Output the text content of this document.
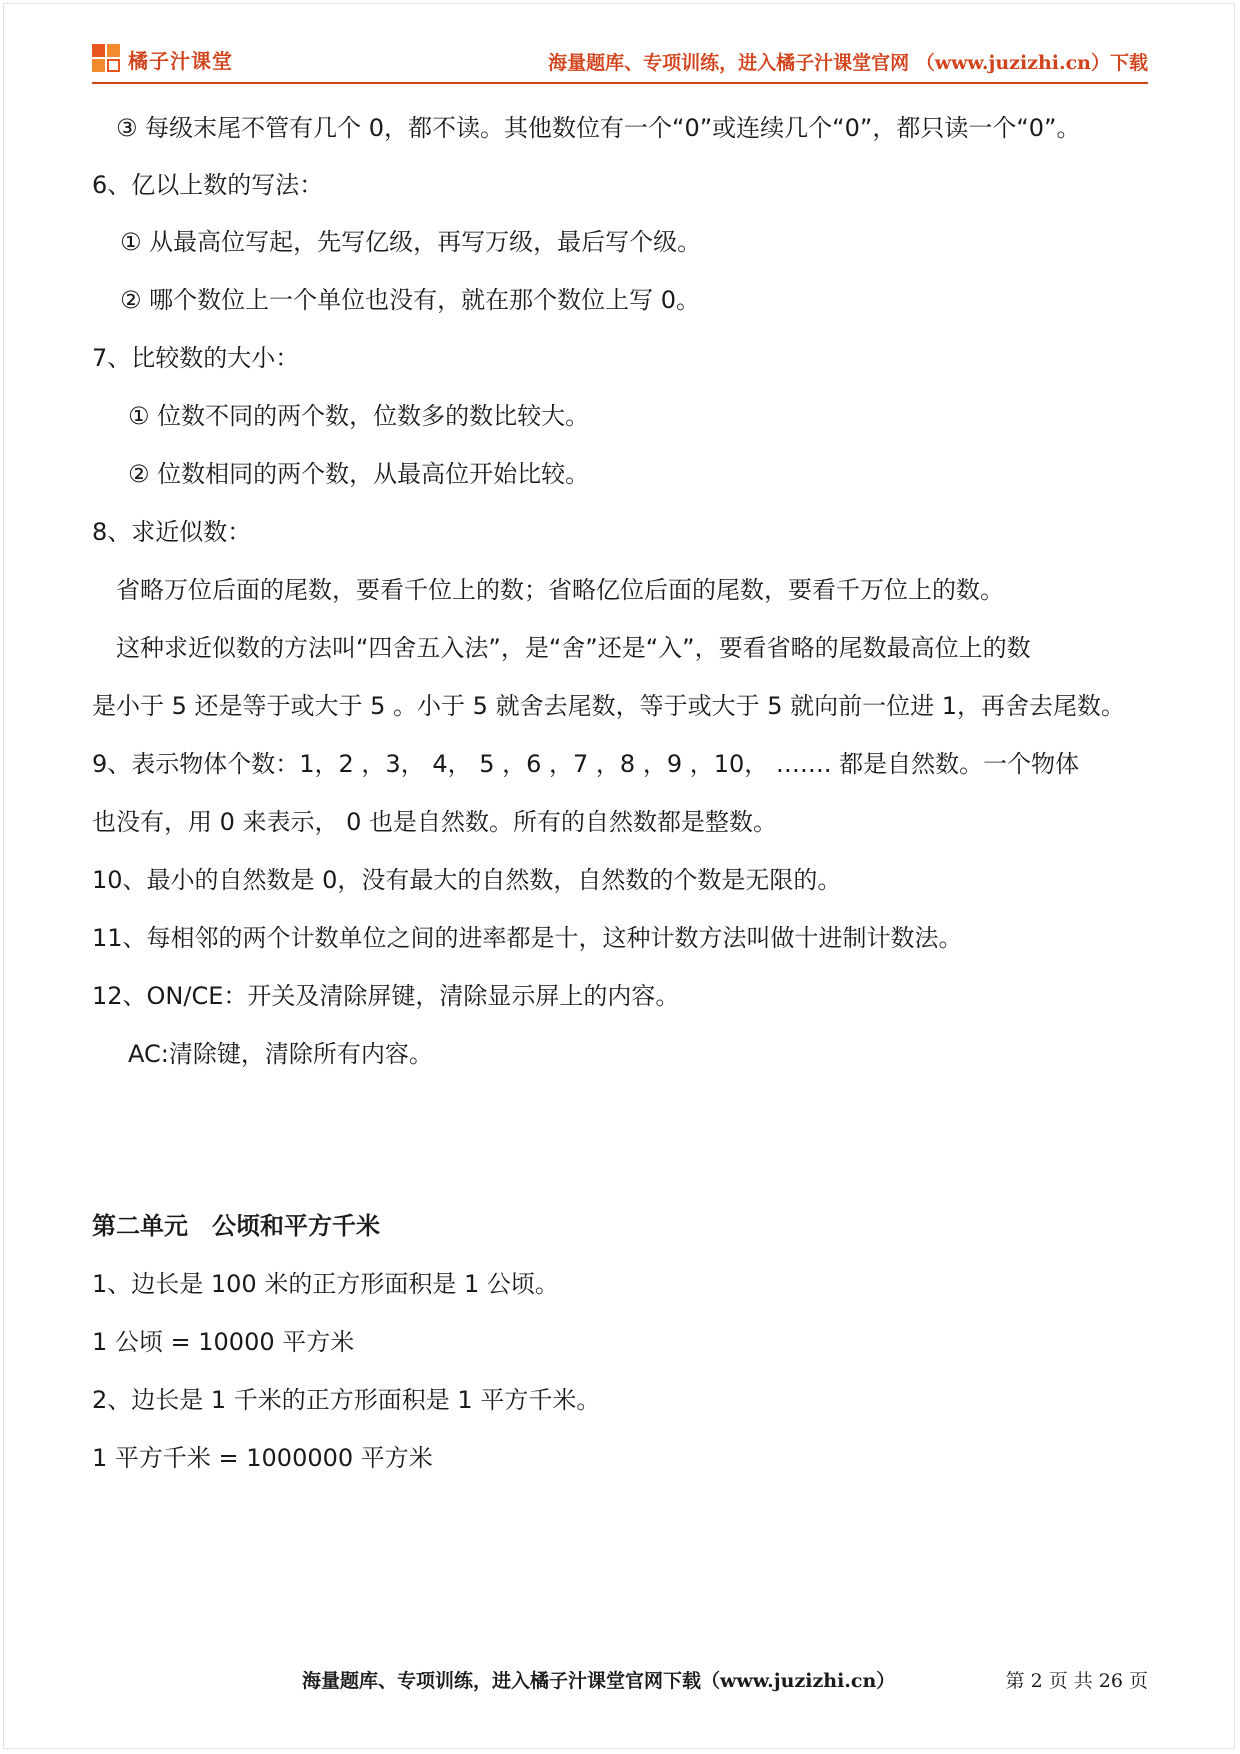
橘子汁课堂	海量题库、专项训练，进入橘子汁课堂官网 （www.juzizhi.cn）下载
③ 每级末尾不管有几个 0，都不读。其他数位有一个“0”或连续几个“0”，都只读一个“0”。
6、亿以上数的写法：
① 从最高位写起，先写亿级，再写万级，最后写个级。
② 哪个数位上一个单位也没有，就在那个数位上写 0。
7、比较数的大小：
① 位数不同的两个数，位数多的数比较大。
② 位数相同的两个数，从最高位开始比较。
8、求近似数：
省略万位后面的尾数，要看千位上的数；省略亿位后面的尾数，要看千万位上的数。
这种求近似数的方法叫“四舍五入法”，是“舍”还是“入”，要看省略的尾数最高位上的数
是小于 5 还是等于或大于 5 。小于 5 就舍去尾数，等于或大于 5 就向前一位进 1，再舍去尾数。
9、表示物体个数：1，2 ，3， 4， 5 ，6 ，7 ，8 ，9 ，10， ……. 都是自然数。一个物体
也没有，用 0 来表示， 0 也是自然数。所有的自然数都是整数。
10、最小的自然数是 0，没有最大的自然数，自然数的个数是无限的。
11、每相邻的两个计数单位之间的进率都是十，这种计数方法叫做十进制计数法。
12、ON/CE：开关及清除屏键，清除显示屏上的内容。
AC:清除键，清除所有内容。
第二单元　公顷和平方千米
1、边长是 100 米的正方形面积是 1 公顷。
1 公顷 = 10000 平方米
2、边长是 1 千米的正方形面积是 1 平方千米。
1 平方千米 = 1000000 平方米
海量题库、专项训练，进入橘子汁课堂官网下载（www.juzizhi.cn）	第 2 页 共 26 页
